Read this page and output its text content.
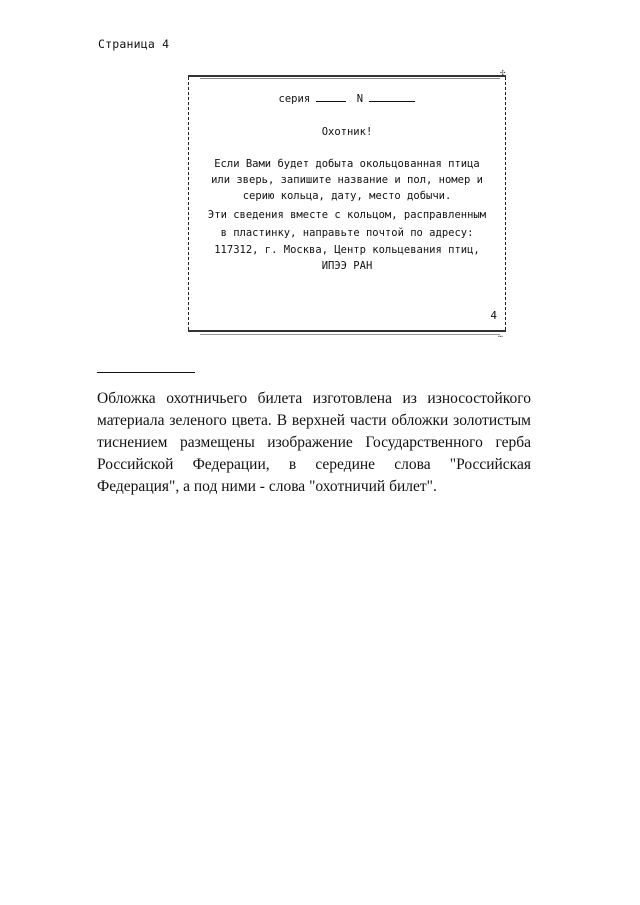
Страница 4
✣
серия	N
Охотник!
Если Вами будет добыта окольцованная птица
или зверь, запишите название и пол, номер и
серию кольца, дату, место добычи.
Эти сведения вместе с кольцом, расправленным
в пластинку, направьте почтой по адресу:
117312, г. Москва, Центр кольцевания птиц,
ИПЭЭ РАН
4
…

Обложка охотничьего билета изготовлена из износостойкого материала зеленого цвета. В верхней части обложки золотистым тиснением размещены изображение Государственного герба Российской Федерации, в середине слова "Российская Федерация", а под ними - слова "охотничий билет".
